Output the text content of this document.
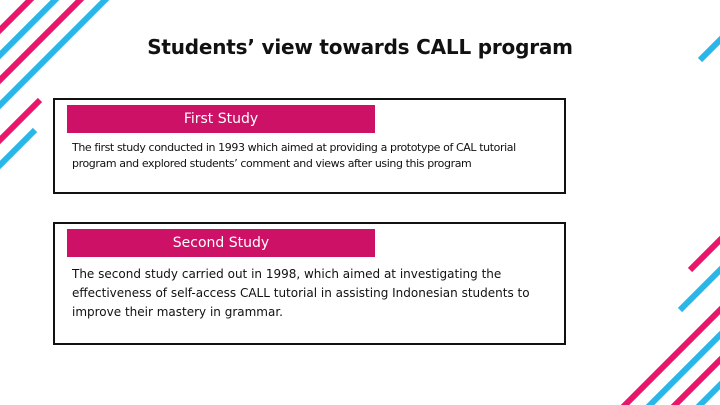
Students’ view towards CALL program
First Study
The first study conducted in 1993 which aimed at providing a prototype of CAL tutorial program and explored students’ comment and views after using this program
Second Study
The second study carried out in 1998, which aimed at investigating the effectiveness of self-access CALL tutorial in assisting Indonesian students to improve their mastery in grammar.
